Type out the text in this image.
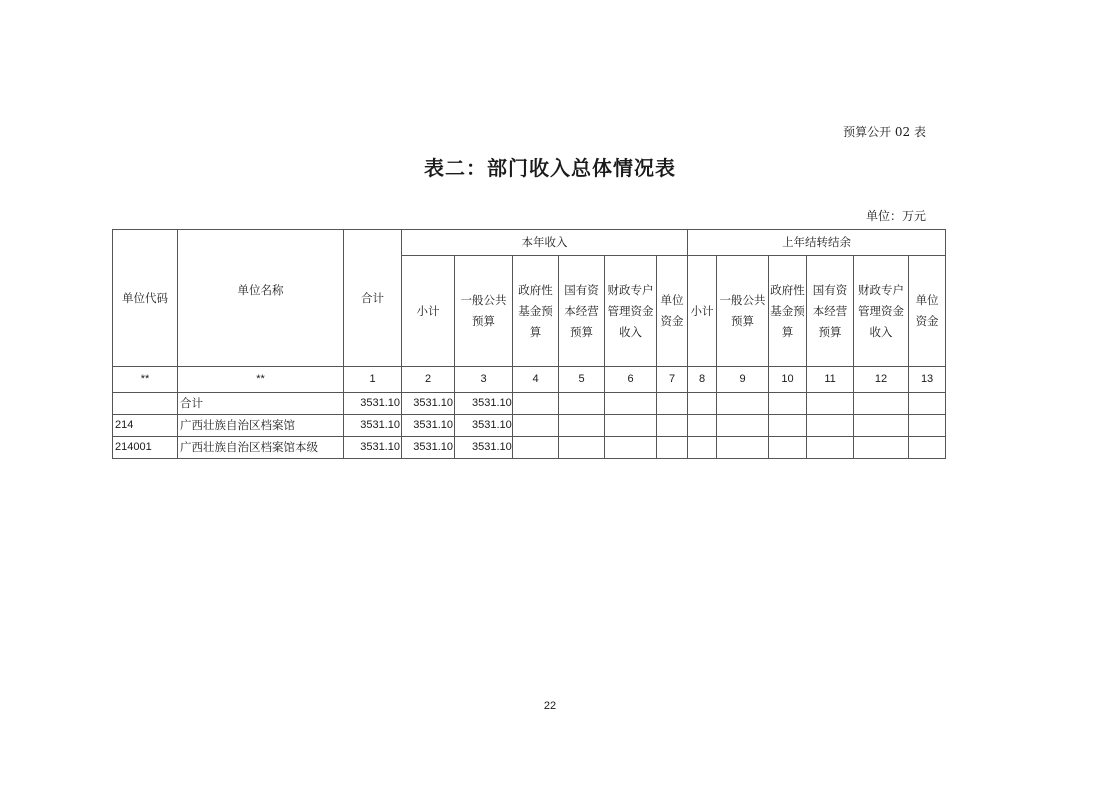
预算公开 02 表
表二：部门收入总体情况表
单位：万元
单位代码	单位名称	合计	本年收入						上年结转结余					
			小计	一般公共预算	政府性基金预算	国有资本经营预算	财政专户管理资金收入	单位资金	小计	一般公共预算	政府性基金预算	国有资本经营预算	财政专户管理资金收入	单位资金
**	**	1	2	3	4	5	6	7	8	9	10	11	12	13
	合计	3531.10	3531.10	3531.10										
214	广西壮族自治区档案馆	3531.10	3531.10	3531.10										
214001	广西壮族自治区档案馆本级	3531.10	3531.10	3531.10										
22
